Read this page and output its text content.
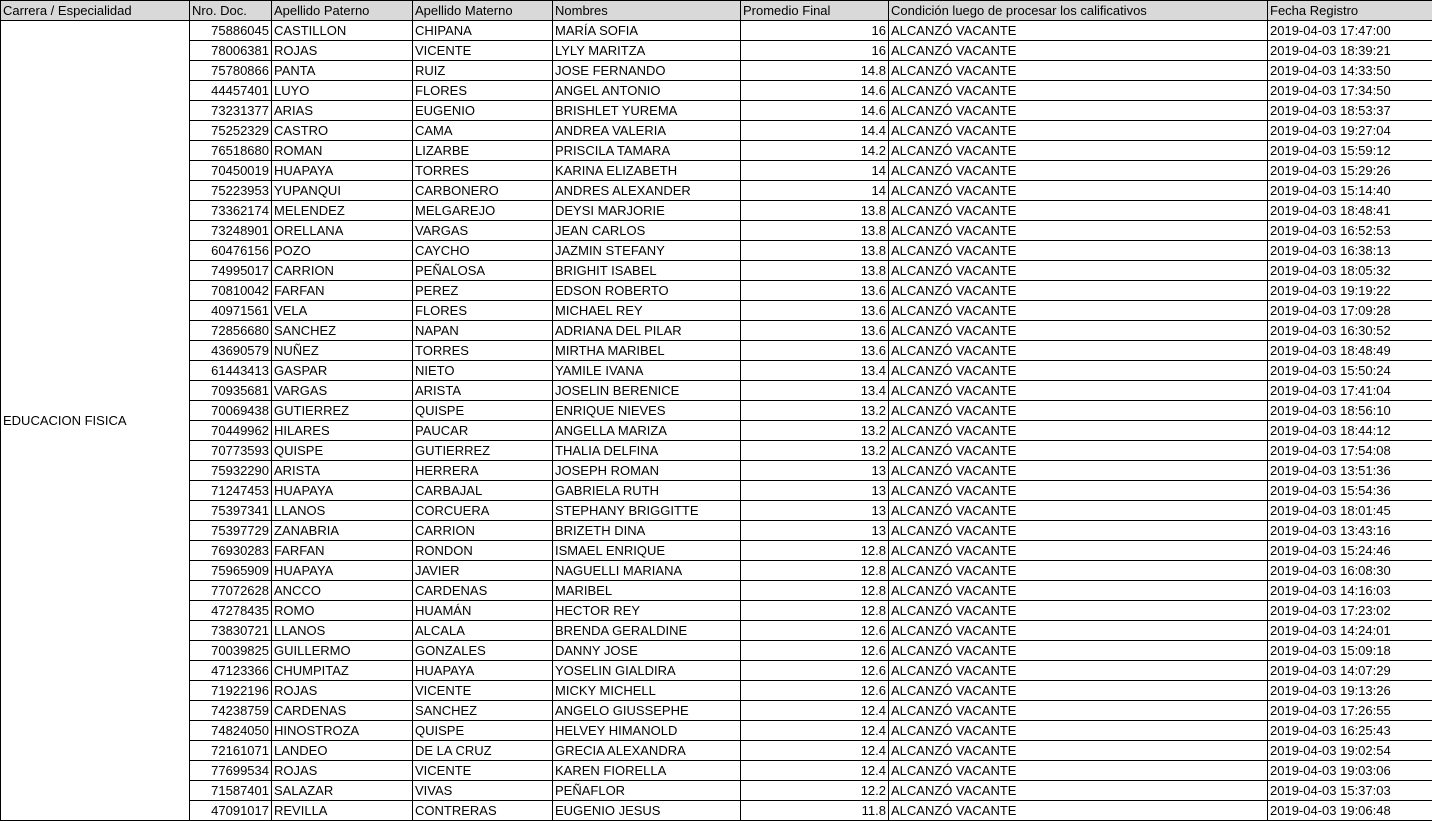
Carrera / Especialidad	Nro. Doc.	Apellido Paterno	Apellido Materno	Nombres	Promedio Final	Condición luego de procesar los calificativos	Fecha Registro
EDUCACION FISICA	75886045	CASTILLON	CHIPANA	MARÍA SOFIA	16	ALCANZÓ VACANTE	2019-04-03 17:47:00
	78006381	ROJAS	VICENTE	LYLY MARITZA	16	ALCANZÓ VACANTE	2019-04-03 18:39:21
	75780866	PANTA	RUIZ	JOSE FERNANDO	14.8	ALCANZÓ VACANTE	2019-04-03 14:33:50
	44457401	LUYO	FLORES	ANGEL ANTONIO	14.6	ALCANZÓ VACANTE	2019-04-03 17:34:50
	73231377	ARIAS	EUGENIO	BRISHLET YUREMA	14.6	ALCANZÓ VACANTE	2019-04-03 18:53:37
	75252329	CASTRO	CAMA	ANDREA VALERIA	14.4	ALCANZÓ VACANTE	2019-04-03 19:27:04
	76518680	ROMAN	LIZARBE	PRISCILA TAMARA	14.2	ALCANZÓ VACANTE	2019-04-03 15:59:12
	70450019	HUAPAYA	TORRES	KARINA ELIZABETH	14	ALCANZÓ VACANTE	2019-04-03 15:29:26
	75223953	YUPANQUI	CARBONERO	ANDRES ALEXANDER	14	ALCANZÓ VACANTE	2019-04-03 15:14:40
	73362174	MELENDEZ	MELGAREJO	DEYSI MARJORIE	13.8	ALCANZÓ VACANTE	2019-04-03 18:48:41
	73248901	ORELLANA	VARGAS	JEAN CARLOS	13.8	ALCANZÓ VACANTE	2019-04-03 16:52:53
	60476156	POZO	CAYCHO	JAZMIN STEFANY	13.8	ALCANZÓ VACANTE	2019-04-03 16:38:13
	74995017	CARRION	PEÑALOSA	BRIGHIT ISABEL	13.8	ALCANZÓ VACANTE	2019-04-03 18:05:32
	70810042	FARFAN	PEREZ	EDSON ROBERTO	13.6	ALCANZÓ VACANTE	2019-04-03 19:19:22
	40971561	VELA	FLORES	MICHAEL REY	13.6	ALCANZÓ VACANTE	2019-04-03 17:09:28
	72856680	SANCHEZ	NAPAN	ADRIANA DEL PILAR	13.6	ALCANZÓ VACANTE	2019-04-03 16:30:52
	43690579	NUÑEZ	TORRES	MIRTHA MARIBEL	13.6	ALCANZÓ VACANTE	2019-04-03 18:48:49
	61443413	GASPAR	NIETO	YAMILE IVANA	13.4	ALCANZÓ VACANTE	2019-04-03 15:50:24
	70935681	VARGAS	ARISTA	JOSELIN BERENICE	13.4	ALCANZÓ VACANTE	2019-04-03 17:41:04
	70069438	GUTIERREZ	QUISPE	ENRIQUE NIEVES	13.2	ALCANZÓ VACANTE	2019-04-03 18:56:10
	70449962	HILARES	PAUCAR	ANGELLA MARIZA	13.2	ALCANZÓ VACANTE	2019-04-03 18:44:12
	70773593	QUISPE	GUTIERREZ	THALIA DELFINA	13.2	ALCANZÓ VACANTE	2019-04-03 17:54:08
	75932290	ARISTA	HERRERA	JOSEPH ROMAN	13	ALCANZÓ VACANTE	2019-04-03 13:51:36
	71247453	HUAPAYA	CARBAJAL	GABRIELA RUTH	13	ALCANZÓ VACANTE	2019-04-03 15:54:36
	75397341	LLANOS	CORCUERA	STEPHANY BRIGGITTE	13	ALCANZÓ VACANTE	2019-04-03 18:01:45
	75397729	ZANABRIA	CARRION	BRIZETH DINA	13	ALCANZÓ VACANTE	2019-04-03 13:43:16
	76930283	FARFAN	RONDON	ISMAEL ENRIQUE	12.8	ALCANZÓ VACANTE	2019-04-03 15:24:46
	75965909	HUAPAYA	JAVIER	NAGUELLI MARIANA	12.8	ALCANZÓ VACANTE	2019-04-03 16:08:30
	77072628	ANCCO	CARDENAS	MARIBEL	12.8	ALCANZÓ VACANTE	2019-04-03 14:16:03
	47278435	ROMO	HUAMÁN	HECTOR REY	12.8	ALCANZÓ VACANTE	2019-04-03 17:23:02
	73830721	LLANOS	ALCALA	BRENDA GERALDINE	12.6	ALCANZÓ VACANTE	2019-04-03 14:24:01
	70039825	GUILLERMO	GONZALES	DANNY JOSE	12.6	ALCANZÓ VACANTE	2019-04-03 15:09:18
	47123366	CHUMPITAZ	HUAPAYA	YOSELIN GIALDIRA	12.6	ALCANZÓ VACANTE	2019-04-03 14:07:29
	71922196	ROJAS	VICENTE	MICKY MICHELL	12.6	ALCANZÓ VACANTE	2019-04-03 19:13:26
	74238759	CARDENAS	SANCHEZ	ANGELO GIUSSEPHE	12.4	ALCANZÓ VACANTE	2019-04-03 17:26:55
	74824050	HINOSTROZA	QUISPE	HELVEY HIMANOLD	12.4	ALCANZÓ VACANTE	2019-04-03 16:25:43
	72161071	LANDEO	DE LA CRUZ	GRECIA ALEXANDRA	12.4	ALCANZÓ VACANTE	2019-04-03 19:02:54
	77699534	ROJAS	VICENTE	KAREN FIORELLA	12.4	ALCANZÓ VACANTE	2019-04-03 19:03:06
	71587401	SALAZAR	VIVAS	PEÑAFLOR	12.2	ALCANZÓ VACANTE	2019-04-03 15:37:03
	47091017	REVILLA	CONTRERAS	EUGENIO JESUS	11.8	ALCANZÓ VACANTE	2019-04-03 19:06:48
